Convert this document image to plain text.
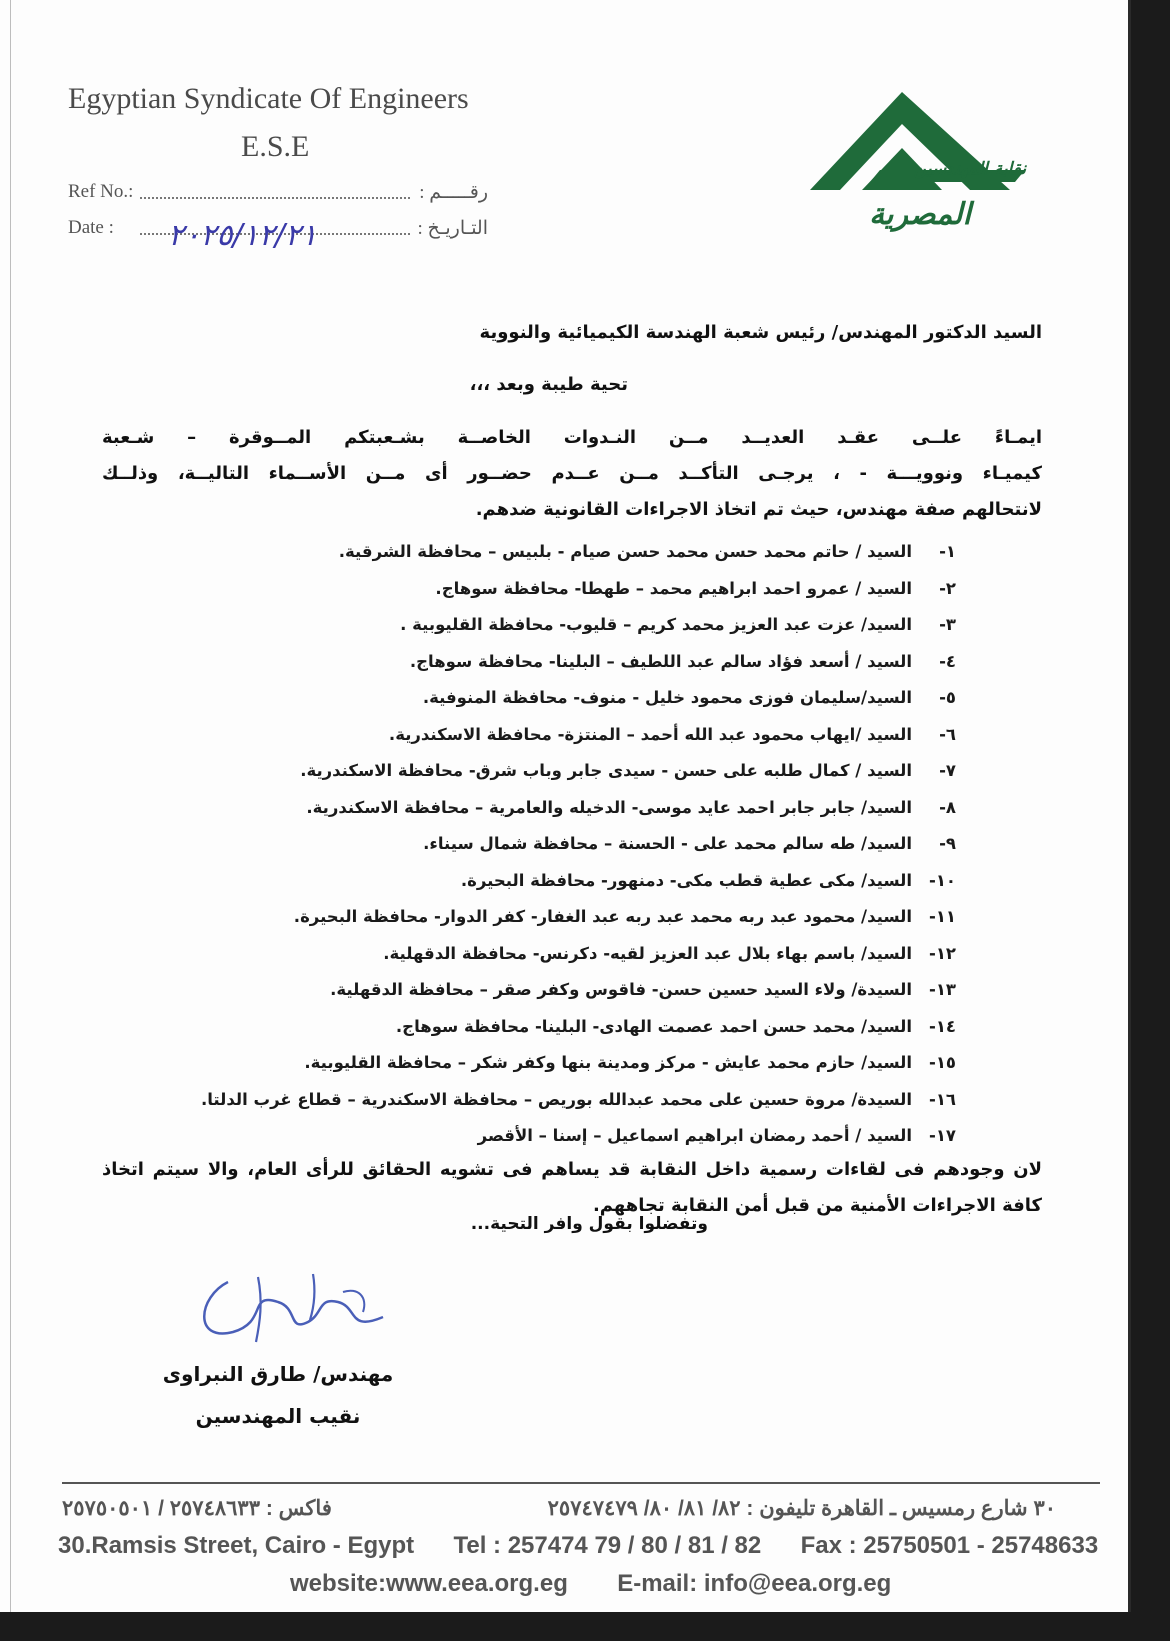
Egyptian Syndicate Of Engineers
E.S.E
Ref No.:	رقـــــم :
Date :	التـاريـخ :
٢٠٢٥/١٢/٢١
نقابة المهندسين
المصرية
السيد الدكتور المهندس/ رئيس شعبة الهندسة الكيميائية والنووية
تحية طيبة وبعد ،،،
ايمـاءً علــى عقـد العديــد مــن النـدوات الخاصــة بشـعبتكم المــوقرة – شـعبة
كيميـاء ونوويـــة - ، يرجـى التأكــد مــن عــدم حضــور أى مــن الأســماء التاليــة، وذلــك
لانتحالهم صفة مهندس، حيث تم اتخاذ الاجراءات القانونية ضدهم.
١-السيد / حاتم محمد حسن محمد حسن صيام - بلبيس – محافظة الشرقية.
٢-السيد / عمرو احمد ابراهيم محمد – طهطا- محافظة سوهاج.
٣-السيد/ عزت عبد العزيز محمد كريم – قليوب- محافظة القليوبية .
٤-السيد / أسعد فؤاد سالم عبد اللطيف – البلينا- محافظة سوهاج.
٥-السيد/سليمان فوزى محمود خليل - منوف- محافظة المنوفية.
٦-السيد /ايهاب محمود عبد الله أحمد – المنتزة- محافظة الاسكندرية.
٧-السيد / كمال طلبه على حسن - سيدى جابر وباب شرق- محافظة الاسكندرية.
٨-السيد/ جابر جابر احمد عايد موسى- الدخيله والعامرية – محافظة الاسكندرية.
٩-السيد/ طه سالم محمد على - الحسنة – محافظة شمال سيناء.
١٠-السيد/ مكى عطية قطب مكى- دمنهور- محافظة البحيرة.
١١-السيد/ محمود عبد ربه محمد عبد ربه عبد الغفار- كفر الدوار- محافظة البحيرة.
١٢-السيد/ باسم بهاء بلال عبد العزيز لقيه- دكرنس- محافظة الدقهلية.
١٣-السيدة/ ولاء السيد حسين حسن- فاقوس وكفر صقر – محافظة الدقهلية.
١٤-السيد/ محمد حسن احمد عصمت الهادى- البلينا- محافظة سوهاج.
١٥-السيد/ حازم محمد عايش - مركز ومدينة بنها وكفر شكر – محافظة القليوبية.
١٦-السيدة/ مروة حسين على محمد عبدالله بوريص – محافظة الاسكندرية – قطاع غرب الدلتا.
١٧-السيد / أحمد رمضان ابراهيم اسماعيل – إسنا – الأقصر
لان وجودهم فى لقاءات رسمية داخل النقابة قد يساهم فى تشويه الحقائق للرأى العام، والا سيتم اتخاذ
كافة الاجراءات الأمنية من قبل أمن النقابة تجاههم.
وتفضلوا بقول وافر التحية...
مهندس/ طارق النبراوى
نقيب المهندسين
٣٠ شارع رمسيس ـ القاهرة تليفون : ٨٢/ ٨١/ ٨٠/ ٢٥٧٤٧٤٧٩
فاكس : ٢٥٧٤٨٦٣٣ / ٢٥٧٥٠٥٠١
30.Ramsis Street, Cairo - Egypt Tel : 257474 79 / 80 / 81 / 82 Fax : 25750501 - 25748633
website:www.eea.org.eg E-mail: info@eea.org.eg
